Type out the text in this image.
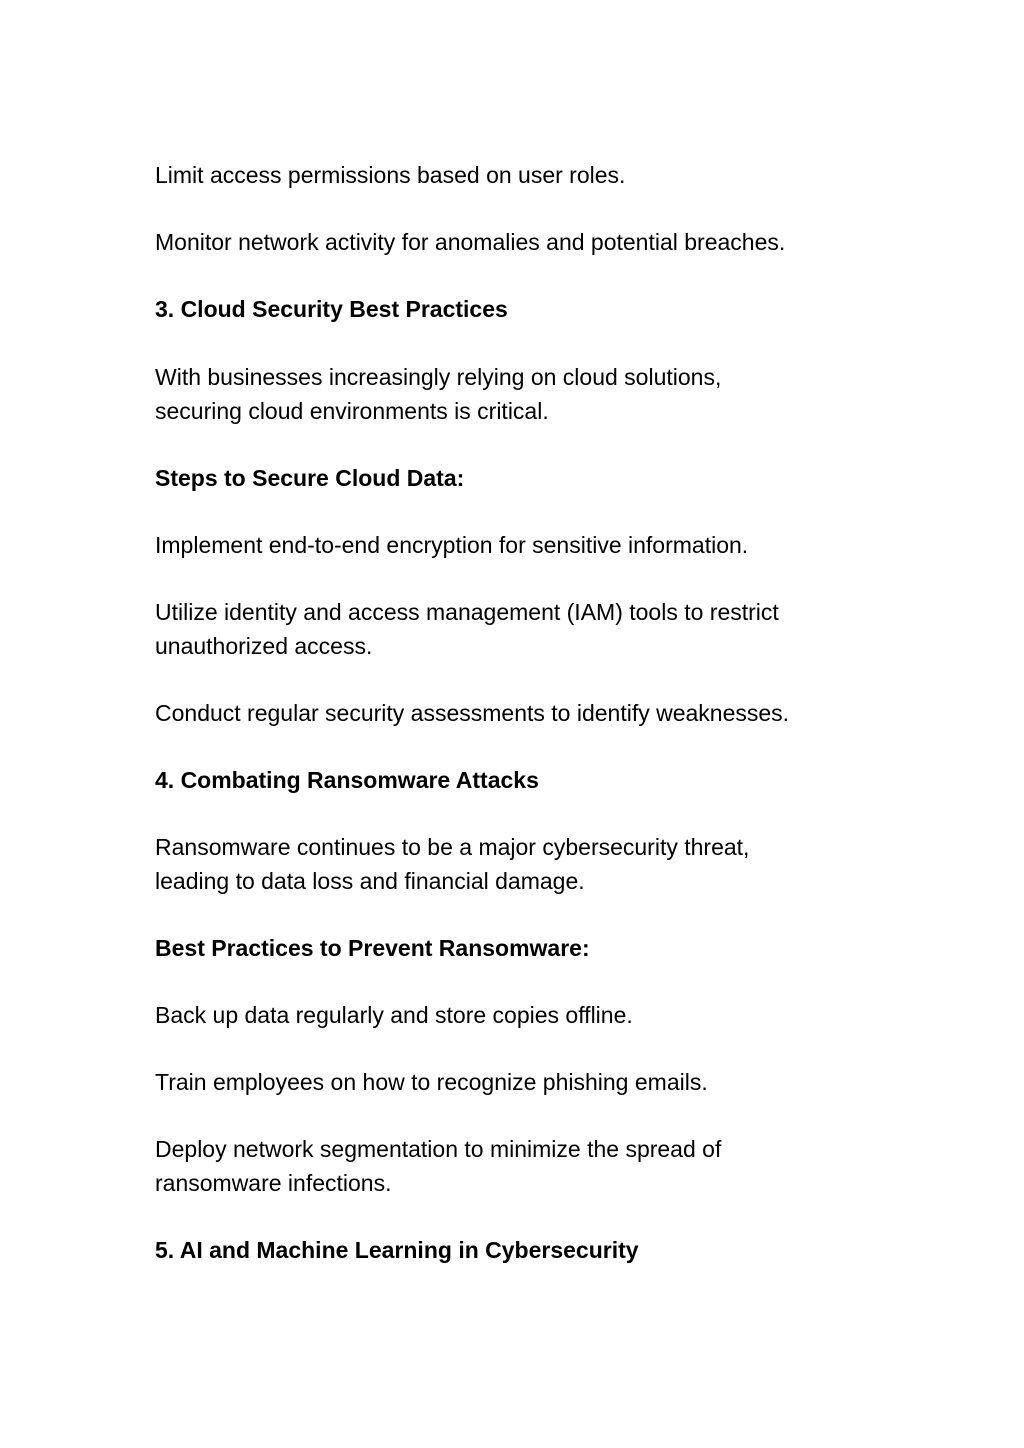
Limit access permissions based on user roles.

Monitor network activity for anomalies and potential breaches.

3. Cloud Security Best Practices

With businesses increasingly relying on cloud solutions,

securing cloud environments is critical.

Steps to Secure Cloud Data:

Implement end-to-end encryption for sensitive information.

Utilize identity and access management (IAM) tools to restrict

unauthorized access.

Conduct regular security assessments to identify weaknesses.

4. Combating Ransomware Attacks

Ransomware continues to be a major cybersecurity threat,

leading to data loss and financial damage.

Best Practices to Prevent Ransomware:

Back up data regularly and store copies offline.

Train employees on how to recognize phishing emails.

Deploy network segmentation to minimize the spread of

ransomware infections.

5. AI and Machine Learning in Cybersecurity
